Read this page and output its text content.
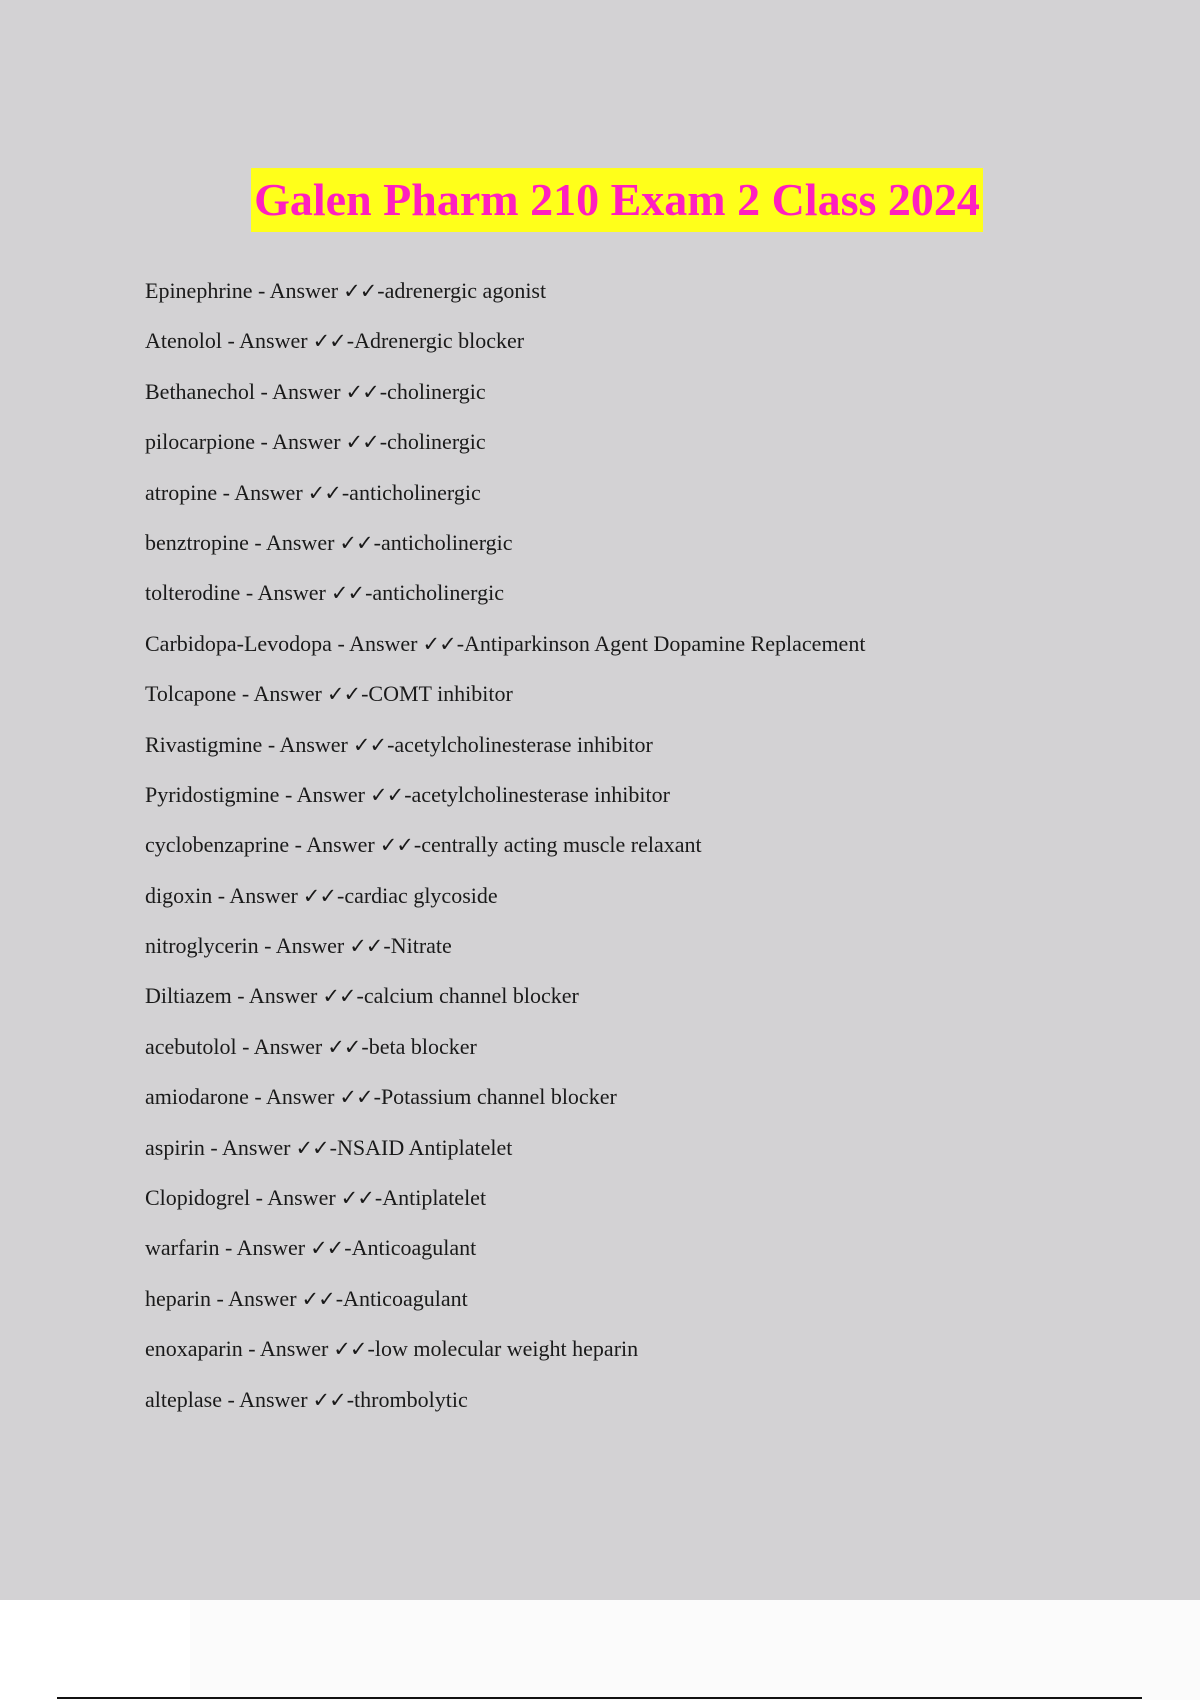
Galen Pharm 210 Exam 2 Class 2024
Epinephrine - Answer ✓✓-adrenergic agonist
Atenolol - Answer ✓✓-Adrenergic blocker
Bethanechol - Answer ✓✓-cholinergic
pilocarpione - Answer ✓✓-cholinergic
atropine - Answer ✓✓-anticholinergic
benztropine - Answer ✓✓-anticholinergic
tolterodine - Answer ✓✓-anticholinergic
Carbidopa-Levodopa - Answer ✓✓-Antiparkinson Agent Dopamine Replacement
Tolcapone - Answer ✓✓-COMT inhibitor
Rivastigmine - Answer ✓✓-acetylcholinesterase inhibitor
Pyridostigmine - Answer ✓✓-acetylcholinesterase inhibitor
cyclobenzaprine - Answer ✓✓-centrally acting muscle relaxant
digoxin - Answer ✓✓-cardiac glycoside
nitroglycerin - Answer ✓✓-Nitrate
Diltiazem - Answer ✓✓-calcium channel blocker
acebutolol - Answer ✓✓-beta blocker
amiodarone - Answer ✓✓-Potassium channel blocker
aspirin - Answer ✓✓-NSAID Antiplatelet
Clopidogrel - Answer ✓✓-Antiplatelet
warfarin - Answer ✓✓-Anticoagulant
heparin - Answer ✓✓-Anticoagulant
enoxaparin - Answer ✓✓-low molecular weight heparin
alteplase - Answer ✓✓-thrombolytic
